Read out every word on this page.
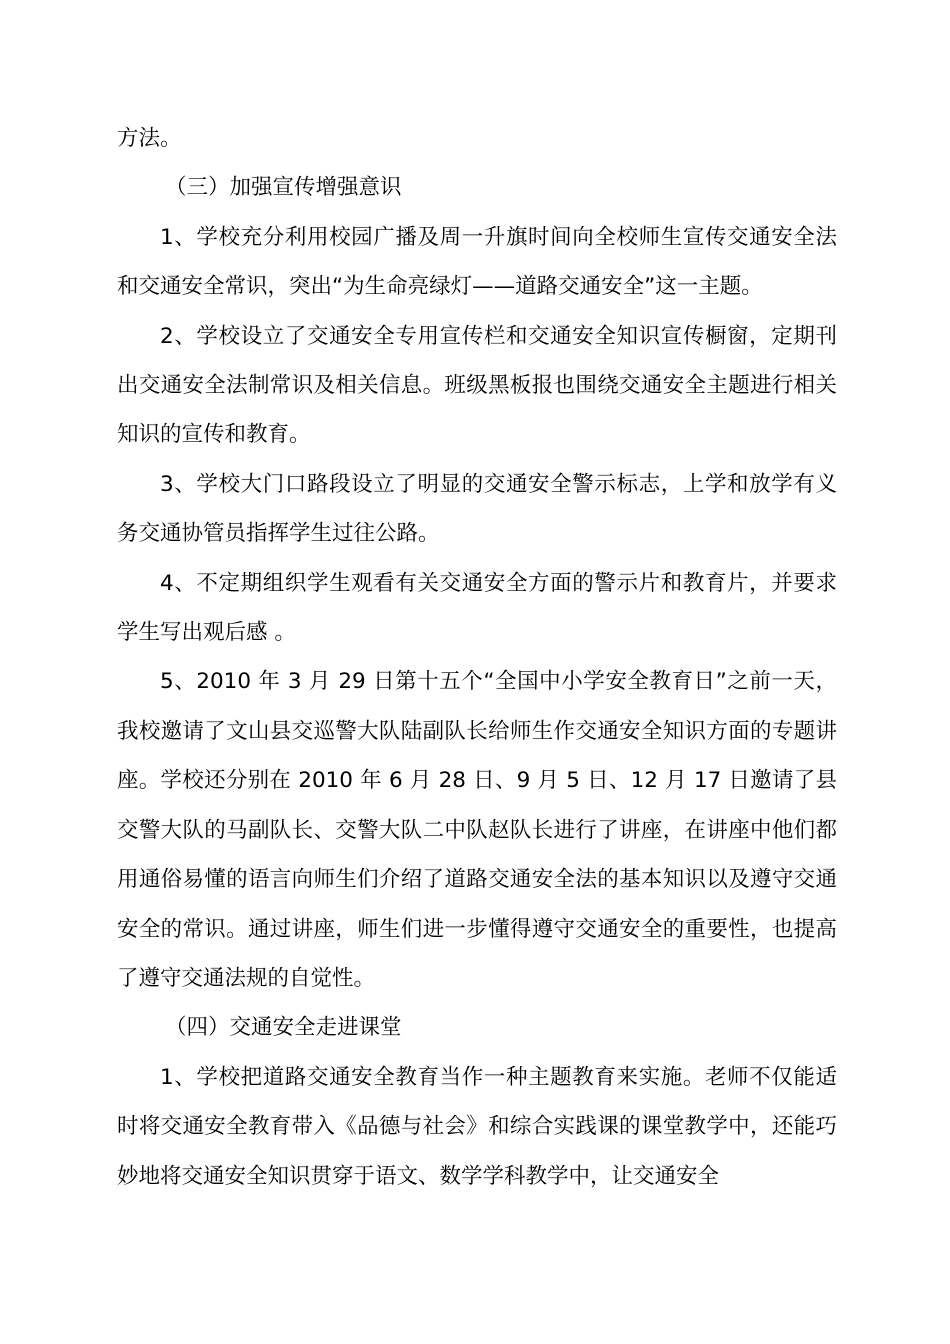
方法。

（三）加强宣传增强意识

1、学校充分利用校园广播及周一升旗时间向全校师生宣传交通安全法和交通安全常识，突出“为生命亮绿灯——道路交通安全”这一主题。

2、学校设立了交通安全专用宣传栏和交通安全知识宣传橱窗，定期刊出交通安全法制常识及相关信息。班级黑板报也围绕交通安全主题进行相关知识的宣传和教育。

3、学校大门口路段设立了明显的交通安全警示标志，上学和放学有义务交通协管员指挥学生过往公路。

4、不定期组织学生观看有关交通安全方面的警示片和教育片，并要求学生写出观后感 。

5、2010 年 3 月 29 日第十五个“全国中小学安全教育日”之前一天，我校邀请了文山县交巡警大队陆副队长给师生作交通安全知识方面的专题讲座。学校还分别在 2010 年 6 月 28 日、9 月 5 日、12 月 17 日邀请了县交警大队的马副队长、交警大队二中队赵队长进行了讲座，在讲座中他们都用通俗易懂的语言向师生们介绍了道路交通安全法的基本知识以及遵守交通安全的常识。通过讲座，师生们进一步懂得遵守交通安全的重要性，也提高了遵守交通法规的自觉性。

（四）交通安全走进课堂

1、学校把道路交通安全教育当作一种主题教育来实施。老师不仅能适时将交通安全教育带入《品德与社会》和综合实践课的课堂教学中，还能巧妙地将交通安全知识贯穿于语文、数学学科教学中，让交通安全
